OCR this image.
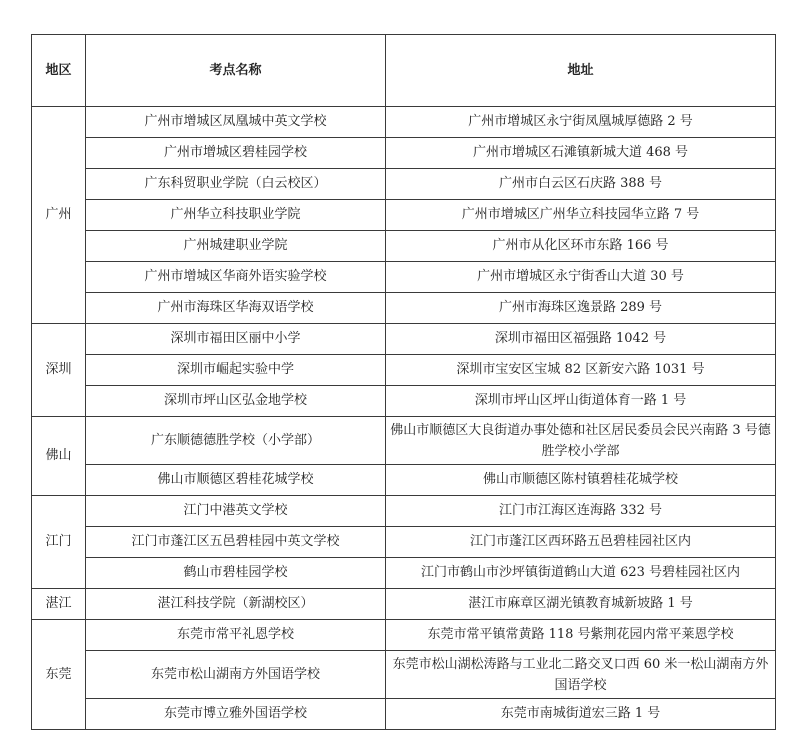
地区	考点名称	地址
广州	广州市增城区凤凰城中英文学校	广州市增城区永宁街凤凰城厚德路 2 号
	广州市增城区碧桂园学校	广州市增城区石滩镇新城大道 468 号
	广东科贸职业学院（白云校区）	广州市白云区石庆路 388 号
	广州华立科技职业学院	广州市增城区广州华立科技园华立路 7 号
	广州城建职业学院	广州市从化区环市东路 166 号
	广州市增城区华商外语实验学校	广州市增城区永宁街香山大道 30 号
	广州市海珠区华海双语学校	广州市海珠区逸景路 289 号
深圳	深圳市福田区丽中小学	深圳市福田区福强路 1042 号
	深圳市崛起实验中学	深圳市宝安区宝城 82 区新安六路 1031 号
	深圳市坪山区弘金地学校	深圳市坪山区坪山街道体育一路 1 号
佛山	广东顺德德胜学校（小学部）	佛山市顺德区大良街道办事处德和社区居民委员会民兴南路 3 号德胜学校小学部
	佛山市顺德区碧桂花城学校	佛山市顺德区陈村镇碧桂花城学校
江门	江门中港英文学校	江门市江海区连海路 332 号
	江门市蓬江区五邑碧桂园中英文学校	江门市蓬江区西环路五邑碧桂园社区内
	鹤山市碧桂园学校	江门市鹤山市沙坪镇街道鹤山大道 623 号碧桂园社区内
湛江	湛江科技学院（新湖校区）	湛江市麻章区湖光镇教育城新坡路 1 号
东莞	东莞市常平礼恩学校	东莞市常平镇常黄路 118 号紫荆花园内常平莱恩学校
	东莞市松山湖南方外国语学校	东莞市松山湖松涛路与工业北二路交叉口西 60 米一松山湖南方外国语学校
	东莞市博立雅外国语学校	东莞市南城街道宏三路 1 号
